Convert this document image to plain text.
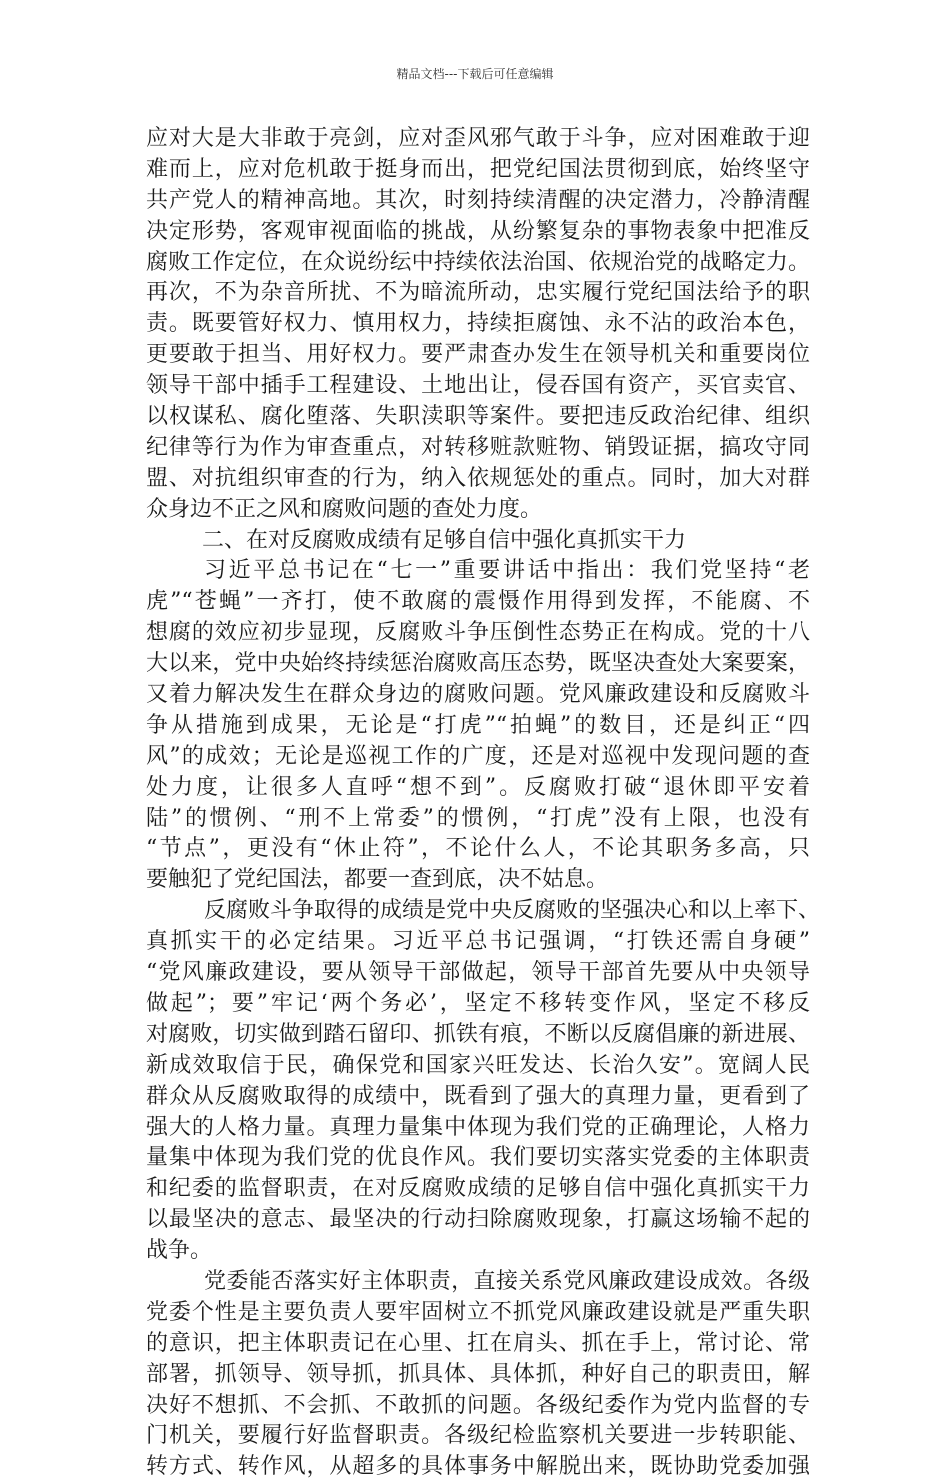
精品文档---下载后可任意编辑
应对大是大非敢于亮剑，应对歪风邪气敢于斗争，应对困难敢于迎
难而上，应对危机敢于挺身而出，把党纪国法贯彻到底，始终坚守
共产党人的精神高地。其次，时刻持续清醒的决定潜力，冷静清醒
决定形势，客观审视面临的挑战，从纷繁复杂的事物表象中把准反
腐败工作定位，在众说纷纭中持续依法治国、依规治党的战略定力。
再次，不为杂音所扰、不为暗流所动，忠实履行党纪国法给予的职
责。既要管好权力、慎用权力，持续拒腐蚀、永不沾的政治本色，
更要敢于担当、用好权力。要严肃查办发生在领导机关和重要岗位
领导干部中插手工程建设、土地出让，侵吞国有资产，买官卖官、
以权谋私、腐化堕落、失职渎职等案件。要把违反政治纪律、组织
纪律等行为作为审查重点，对转移赃款赃物、销毁证据，搞攻守同
盟、对抗组织审查的行为，纳入依规惩处的重点。同时，加大对群
众身边不正之风和腐败问题的查处力度。
二、在对反腐败成绩有足够自信中强化真抓实干力
习近平总书记在“七一”重要讲话中指出：我们党坚持“老
虎”“苍蝇”一齐打，使不敢腐的震慑作用得到发挥，不能腐、不
想腐的效应初步显现，反腐败斗争压倒性态势正在构成。党的十八
大以来，党中央始终持续惩治腐败高压态势，既坚决查处大案要案，
又着力解决发生在群众身边的腐败问题。党风廉政建设和反腐败斗
争从措施到成果，无论是“打虎”“拍蝇”的数目，还是纠正“四
风”的成效；无论是巡视工作的广度，还是对巡视中发现问题的查
处力度，让很多人直呼“想不到”。反腐败打破“退休即平安着
陆”的惯例、“刑不上常委”的惯例，“打虎”没有上限，也没有
“节点”，更没有“休止符”，不论什么人，不论其职务多高，只
要触犯了党纪国法，都要一查到底，决不姑息。
反腐败斗争取得的成绩是党中央反腐败的坚强决心和以上率下、
真抓实干的必定结果。习近平总书记强调，“打铁还需自身硬”
“党风廉政建设，要从领导干部做起，领导干部首先要从中央领导
做起”；要”牢记‘两个务必’，坚定不移转变作风，坚定不移反
对腐败，切实做到踏石留印、抓铁有痕，不断以反腐倡廉的新进展、
新成效取信于民，确保党和国家兴旺发达、长治久安”。宽阔人民
群众从反腐败取得的成绩中，既看到了强大的真理力量，更看到了
强大的人格力量。真理力量集中体现为我们党的正确理论，人格力
量集中体现为我们党的优良作风。我们要切实落实党委的主体职责
和纪委的监督职责，在对反腐败成绩的足够自信中强化真抓实干力
以最坚决的意志、最坚决的行动扫除腐败现象，打赢这场输不起的
战争。
党委能否落实好主体职责，直接关系党风廉政建设成效。各级
党委个性是主要负责人要牢固树立不抓党风廉政建设就是严重失职
的意识，把主体职责记在心里、扛在肩头、抓在手上，常讨论、常
部署，抓领导、领导抓，抓具体、具体抓，种好自己的职责田，解
决好不想抓、不会抓、不敢抓的问题。各级纪委作为党内监督的专
门机关，要履行好监督职责。各级纪检监察机关要进一步转职能、
转方式、转作风，从超多的具体事务中解脱出来，既协助党委加强
